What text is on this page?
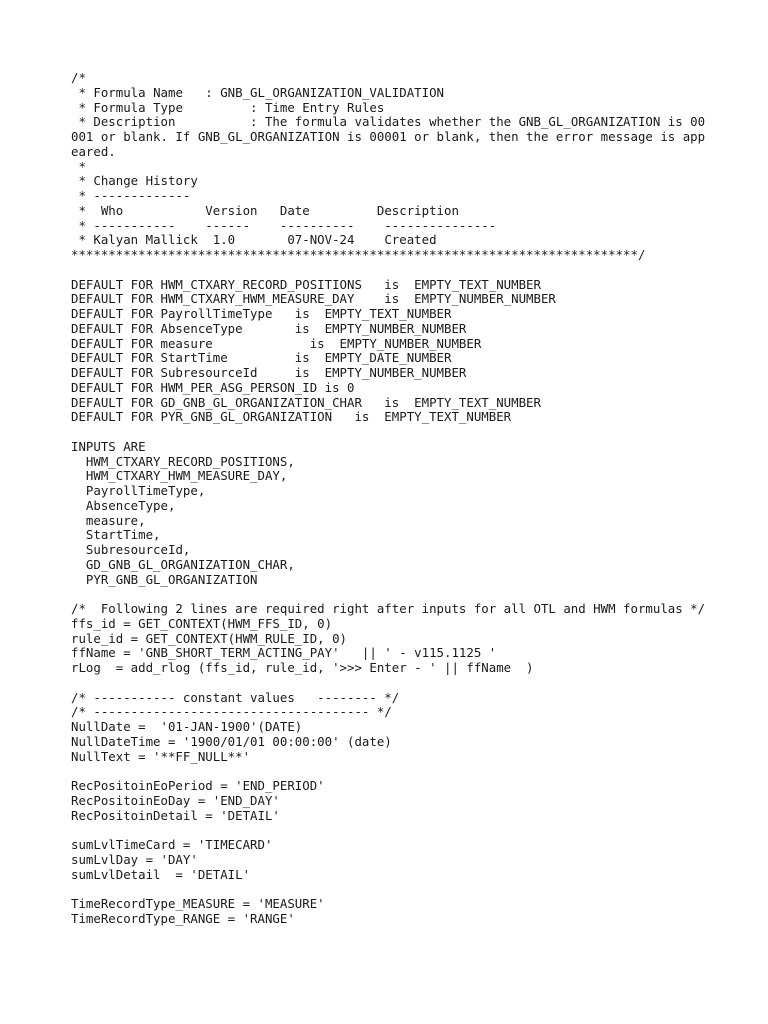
/*
* Formula Name   : GNB_GL_ORGANIZATION_VALIDATION
* Formula Type         : Time Entry Rules
* Description          : The formula validates whether the GNB_GL_ORGANIZATION is 00001 or blank. If GNB_GL_ORGANIZATION is 00001 or blank, then the error message is appeared.
*
* Change History
* -------------
*  Who           Version   Date         Description
* -----------    ------    ----------    ---------------
* Kalyan Mallick  1.0       07-NOV-24    Created
****************************************************************************/
DEFAULT FOR HWM_CTXARY_RECORD_POSITIONS   is  EMPTY_TEXT_NUMBER
DEFAULT FOR HWM_CTXARY_HWM_MEASURE_DAY    is  EMPTY_NUMBER_NUMBER
DEFAULT FOR PayrollTimeType   is  EMPTY_TEXT_NUMBER
DEFAULT FOR AbsenceType       is  EMPTY_NUMBER_NUMBER
DEFAULT FOR measure             is  EMPTY_NUMBER_NUMBER
DEFAULT FOR StartTime         is  EMPTY_DATE_NUMBER
DEFAULT FOR SubresourceId     is  EMPTY_NUMBER_NUMBER
DEFAULT FOR HWM_PER_ASG_PERSON_ID is 0
DEFAULT FOR GD_GNB_GL_ORGANIZATION_CHAR   is  EMPTY_TEXT_NUMBER
DEFAULT FOR PYR_GNB_GL_ORGANIZATION   is  EMPTY_TEXT_NUMBER
INPUTS ARE
HWM_CTXARY_RECORD_POSITIONS,
HWM_CTXARY_HWM_MEASURE_DAY,
PayrollTimeType,
AbsenceType,
measure,
StartTime,
SubresourceId,
GD_GNB_GL_ORGANIZATION_CHAR,
PYR_GNB_GL_ORGANIZATION
/*  Following 2 lines are required right after inputs for all OTL and HWM formulas */
ffs_id = GET_CONTEXT(HWM_FFS_ID, 0)
rule_id = GET_CONTEXT(HWM_RULE_ID, 0)
ffName = 'GNB_SHORT_TERM_ACTING_PAY'   || ' - v115.1125 '
rLog  = add_rlog (ffs_id, rule_id, '>>> Enter - ' || ffName  )
/* ----------- constant values   -------- */
/* ------------------------------------- */
NullDate =  '01-JAN-1900'(DATE)
NullDateTime = '1900/01/01 00:00:00' (date)
NullText = '**FF_NULL**'
RecPositoinEoPeriod = 'END_PERIOD'
RecPositoinEoDay = 'END_DAY'
RecPositoinDetail = 'DETAIL'
sumLvlTimeCard = 'TIMECARD'
sumLvlDay = 'DAY'
sumLvlDetail  = 'DETAIL'
TimeRecordType_MEASURE = 'MEASURE'
TimeRecordType_RANGE = 'RANGE'
